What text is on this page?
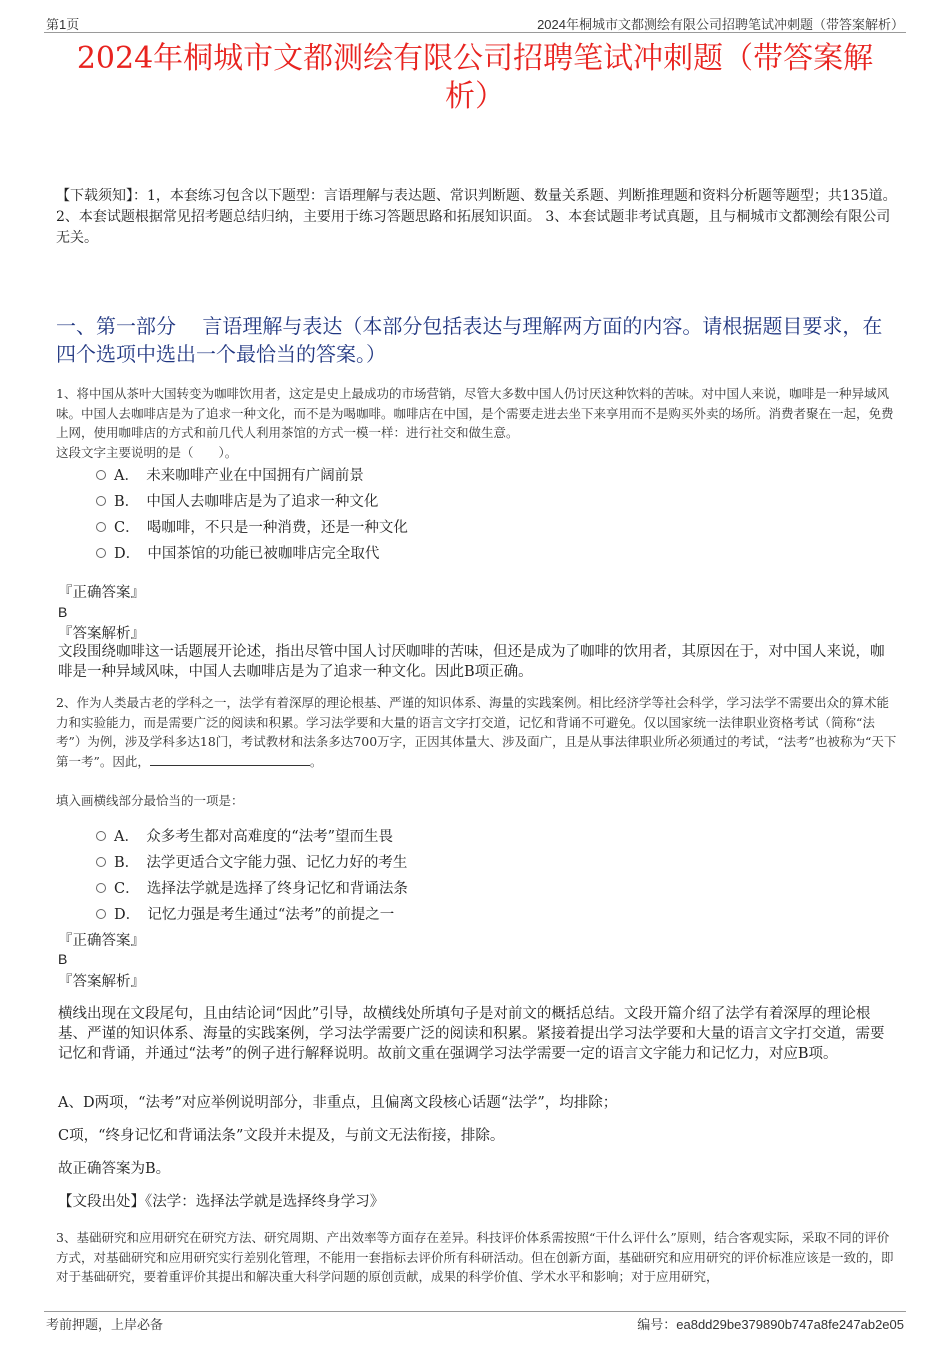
第1页	2024年桐城市文都测绘有限公司招聘笔试冲刺题（带答案解析）
2024年桐城市文都测绘有限公司招聘笔试冲刺题（带答案解析）
【下载须知】：1，本套练习包含以下题型：言语理解与表达题、常识判断题、数量关系题、判断推理题和资料分析题等题型；共135道。 2、本套试题根据常见招考题总结归纳，主要用于练习答题思路和拓展知识面。 3、本套试题非考试真题，且与桐城市文都测绘有限公司无关。
一、第一部分　 言语理解与表达（本部分包括表达与理解两方面的内容。请根据题目要求，在四个选项中选出一个最恰当的答案。）
1、将中国从茶叶大国转变为咖啡饮用者，这定是史上最成功的市场营销，尽管大多数中国人仍讨厌这种饮料的苦味。对中国人来说，咖啡是一种异域风味。中国人去咖啡店是为了追求一种文化，而不是为喝咖啡。咖啡店在中国，是个需要走进去坐下来享用而不是购买外卖的场所。消费者聚在一起，免费上网，使用咖啡店的方式和前几代人利用茶馆的方式一模一样：进行社交和做生意。
这段文字主要说明的是（　　）。
A．　未来咖啡产业在中国拥有广阔前景
B．　中国人去咖啡店是为了追求一种文化
C．　喝咖啡，不只是一种消费，还是一种文化
D．　中国茶馆的功能已被咖啡店完全取代
『正确答案』
B
『答案解析』
文段围绕咖啡这一话题展开论述，指出尽管中国人讨厌咖啡的苦味，但还是成为了咖啡的饮用者，其原因在于，对中国人来说，咖啡是一种异域风味，中国人去咖啡店是为了追求一种文化。因此B项正确。
2、作为人类最古老的学科之一，法学有着深厚的理论根基、严谨的知识体系、海量的实践案例。相比经济学等社会科学，学习法学不需要出众的算术能力和实验能力，而是需要广泛的阅读和积累。学习法学要和大量的语言文字打交道，记忆和背诵不可避免。仅以国家统一法律职业资格考试（简称“法考”）为例，涉及学科多达18门，考试教材和法条多达700万字，正因其体量大、涉及面广，且是从事法律职业所必须通过的考试，“法考”也被称为“天下第一考”。因此，	。
填入画横线部分最恰当的一项是：
A．　众多考生都对高难度的“法考”望而生畏
B．　法学更适合文字能力强、记忆力好的考生
C．　选择法学就是选择了终身记忆和背诵法条
D．　记忆力强是考生通过“法考”的前提之一
『正确答案』
B
『答案解析』
横线出现在文段尾句，且由结论词“因此”引导，故横线处所填句子是对前文的概括总结。文段开篇介绍了法学有着深厚的理论根基、严谨的知识体系、海量的实践案例，学习法学需要广泛的阅读和积累。紧接着提出学习法学要和大量的语言文字打交道，需要记忆和背诵，并通过“法考”的例子进行解释说明。故前文重在强调学习法学需要一定的语言文字能力和记忆力，对应B项。
A、D两项，“法考”对应举例说明部分，非重点，且偏离文段核心话题“法学”，均排除；
C项，“终身记忆和背诵法条”文段并未提及，与前文无法衔接，排除。
故正确答案为B。
【文段出处】《法学：选择法学就是选择终身学习》
3、基础研究和应用研究在研究方法、研究周期、产出效率等方面存在差异。科技评价体系需按照“干什么评什么”原则，结合客观实际，采取不同的评价方式，对基础研究和应用研究实行差别化管理，不能用一套指标去评价所有科研活动。但在创新方面，基础研究和应用研究的评价标准应该是一致的，即对于基础研究，要着重评价其提出和解决重大科学问题的原创贡献，成果的科学价值、学术水平和影响；对于应用研究，
考前押题，上岸必备	编号：ea8dd29be379890b747a8fe247ab2e05
